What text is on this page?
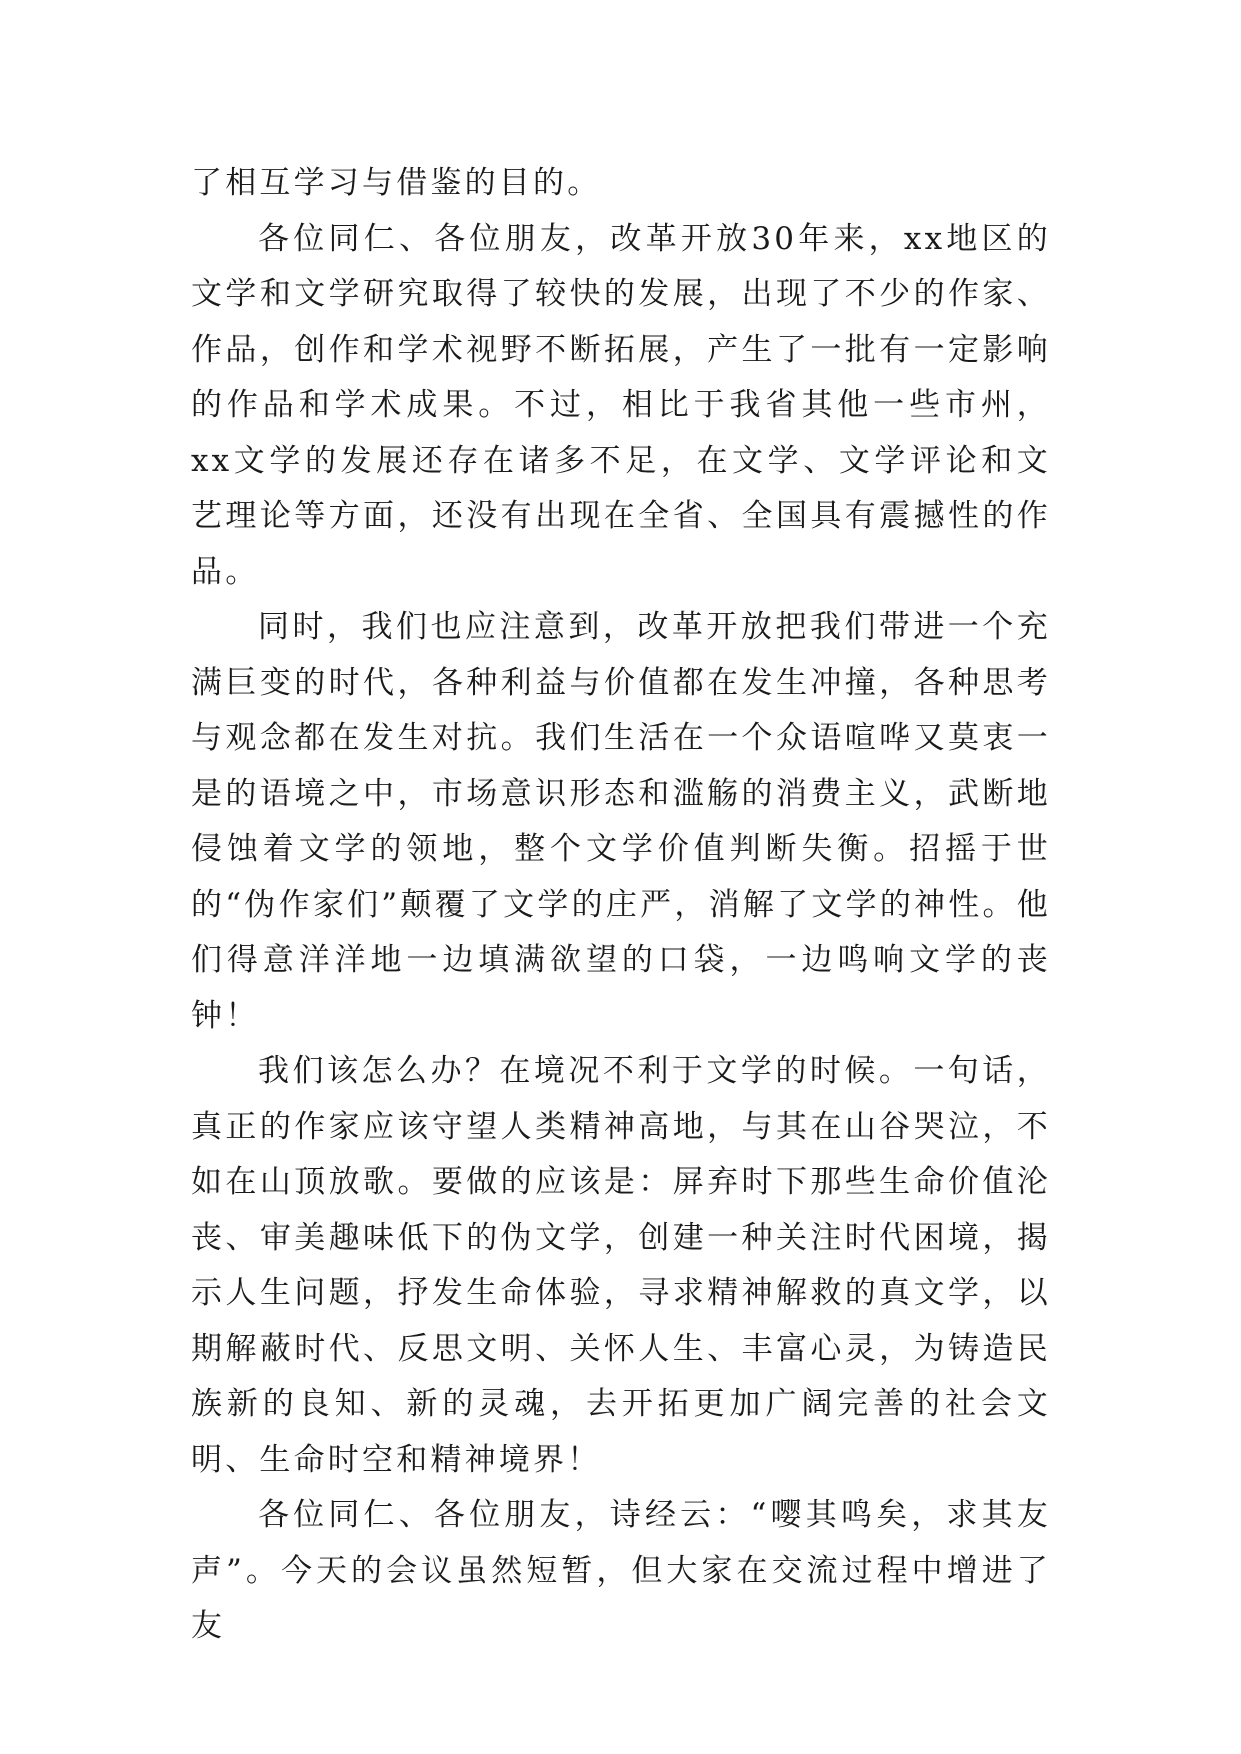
了相互学习与借鉴的目的。

各位同仁、各位朋友，改革开放30年来，xx地区的文学和文学研究取得了较快的发展，出现了不少的作家、作品，创作和学术视野不断拓展，产生了一批有一定影响的作品和学术成果。不过，相比于我省其他一些市州，xx文学的发展还存在诸多不足，在文学、文学评论和文艺理论等方面，还没有出现在全省、全国具有震撼性的作品。

同时，我们也应注意到，改革开放把我们带进一个充满巨变的时代，各种利益与价值都在发生冲撞，各种思考与观念都在发生对抗。我们生活在一个众语喧哗又莫衷一是的语境之中，市场意识形态和滥觞的消费主义，武断地侵蚀着文学的领地，整个文学价值判断失衡。招摇于世的“伪作家们”颠覆了文学的庄严，消解了文学的神性。他们得意洋洋地一边填满欲望的口袋，一边鸣响文学的丧钟！

我们该怎么办？在境况不利于文学的时候。一句话，真正的作家应该守望人类精神高地，与其在山谷哭泣，不如在山顶放歌。要做的应该是：屏弃时下那些生命价值沦丧、审美趣味低下的伪文学，创建一种关注时代困境，揭示人生问题，抒发生命体验，寻求精神解救的真文学，以期解蔽时代、反思文明、关怀人生、丰富心灵，为铸造民族新的良知、新的灵魂，去开拓更加广阔完善的社会文明、生命时空和精神境界！

各位同仁、各位朋友，诗经云：“嘤其鸣矣，求其友声”。今天的会议虽然短暂，但大家在交流过程中增进了友
